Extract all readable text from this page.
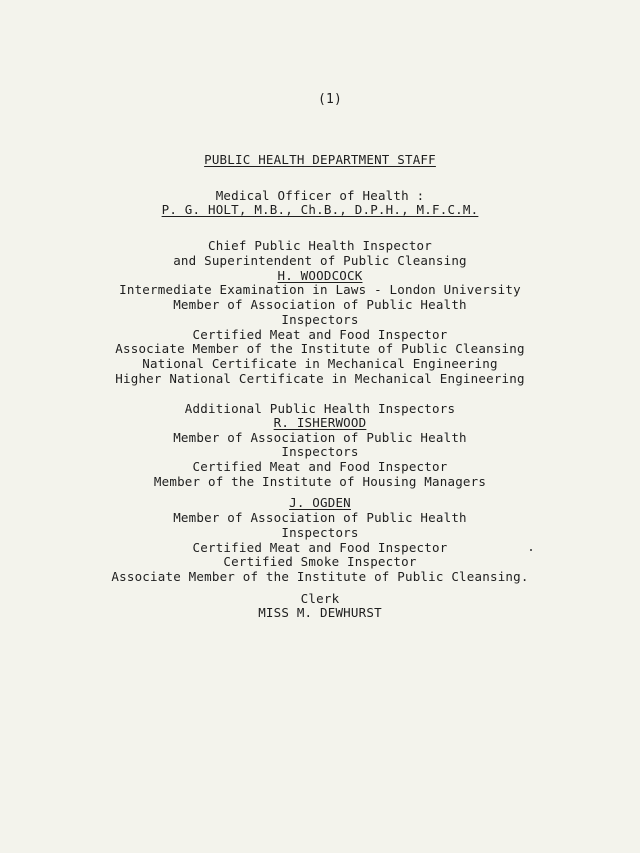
(1)
PUBLIC HEALTH DEPARTMENT STAFF
Medical Officer of Health :
P. G. HOLT, M.B., Ch.B., D.P.H., M.F.C.M.
Chief Public Health Inspector
and Superintendent of Public Cleansing
H. WOODCOCK
Intermediate Examination in Laws - London University
Member of Association of Public Health
Inspectors
Certified Meat and Food Inspector
Associate Member of the Institute of Public Cleansing
National Certificate in Mechanical Engineering
Higher National Certificate in Mechanical Engineering
Additional Public Health Inspectors
R. ISHERWOOD
Member of Association of Public Health
Inspectors
Certified Meat and Food Inspector
Member of the Institute of Housing Managers
J. OGDEN
Member of Association of Public Health
Inspectors
Certified Meat and Food Inspector
Certified Smoke Inspector
Associate Member of the Institute of Public Cleansing.
Clerk
MISS M. DEWHURST
